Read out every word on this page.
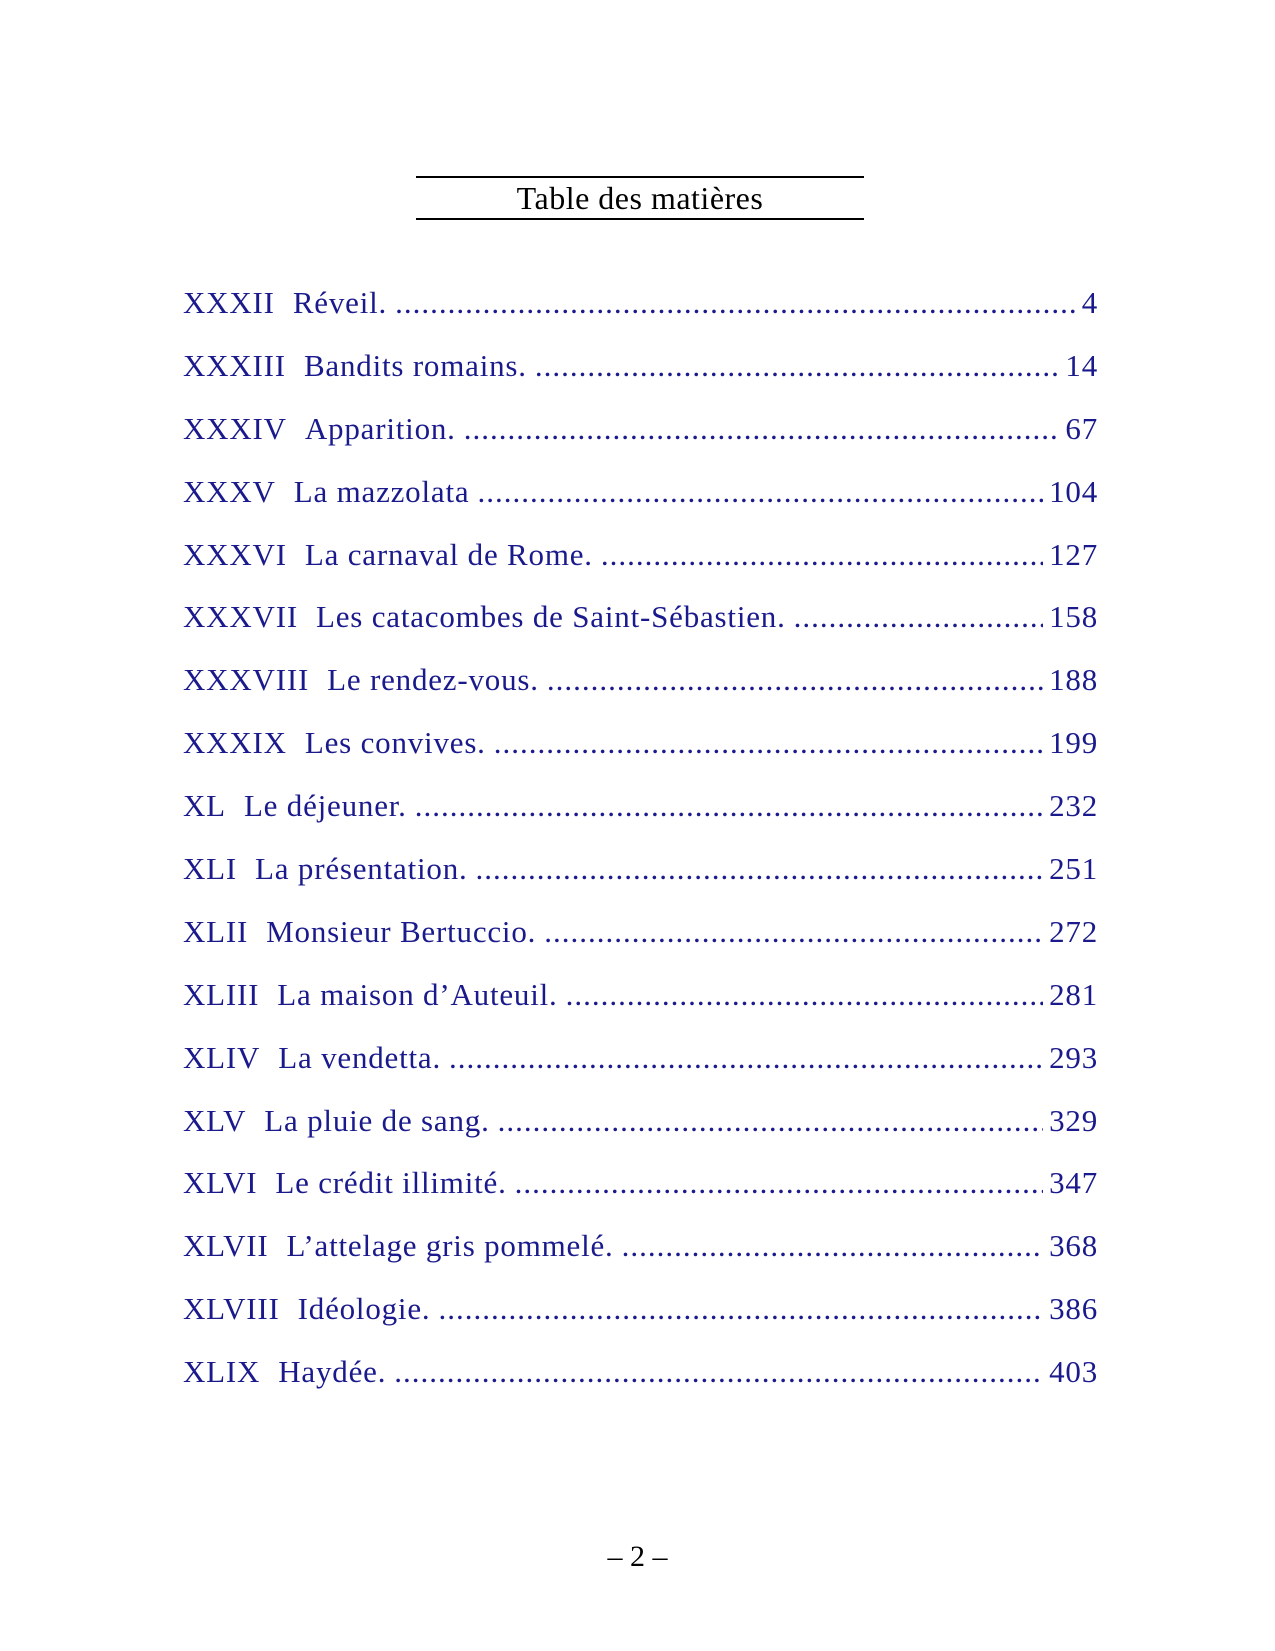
Table des matières
XXXII Réveil. .....	4
XXXIII Bandits romains. .....	14
XXXIV Apparition. .....	67
XXXV La mazzolata .....	104
XXXVI La carnaval de Rome. .....	127
XXXVII Les catacombes de Saint-Sébastien. .....	158
XXXVIII Le rendez-vous. .....	188
XXXIX Les convives. .....	199
XL Le déjeuner. .....	232
XLI La présentation. .....	251
XLII Monsieur Bertuccio. .....	272
XLIII La maison d’Auteuil. .....	281
XLIV La vendetta. .....	293
XLV La pluie de sang. .....	329
XLVI Le crédit illimité. .....	347
XLVII L’attelage gris pommelé. .....	368
XLVIII Idéologie. .....	386
XLIX Haydée. .....	403
– 2 –
